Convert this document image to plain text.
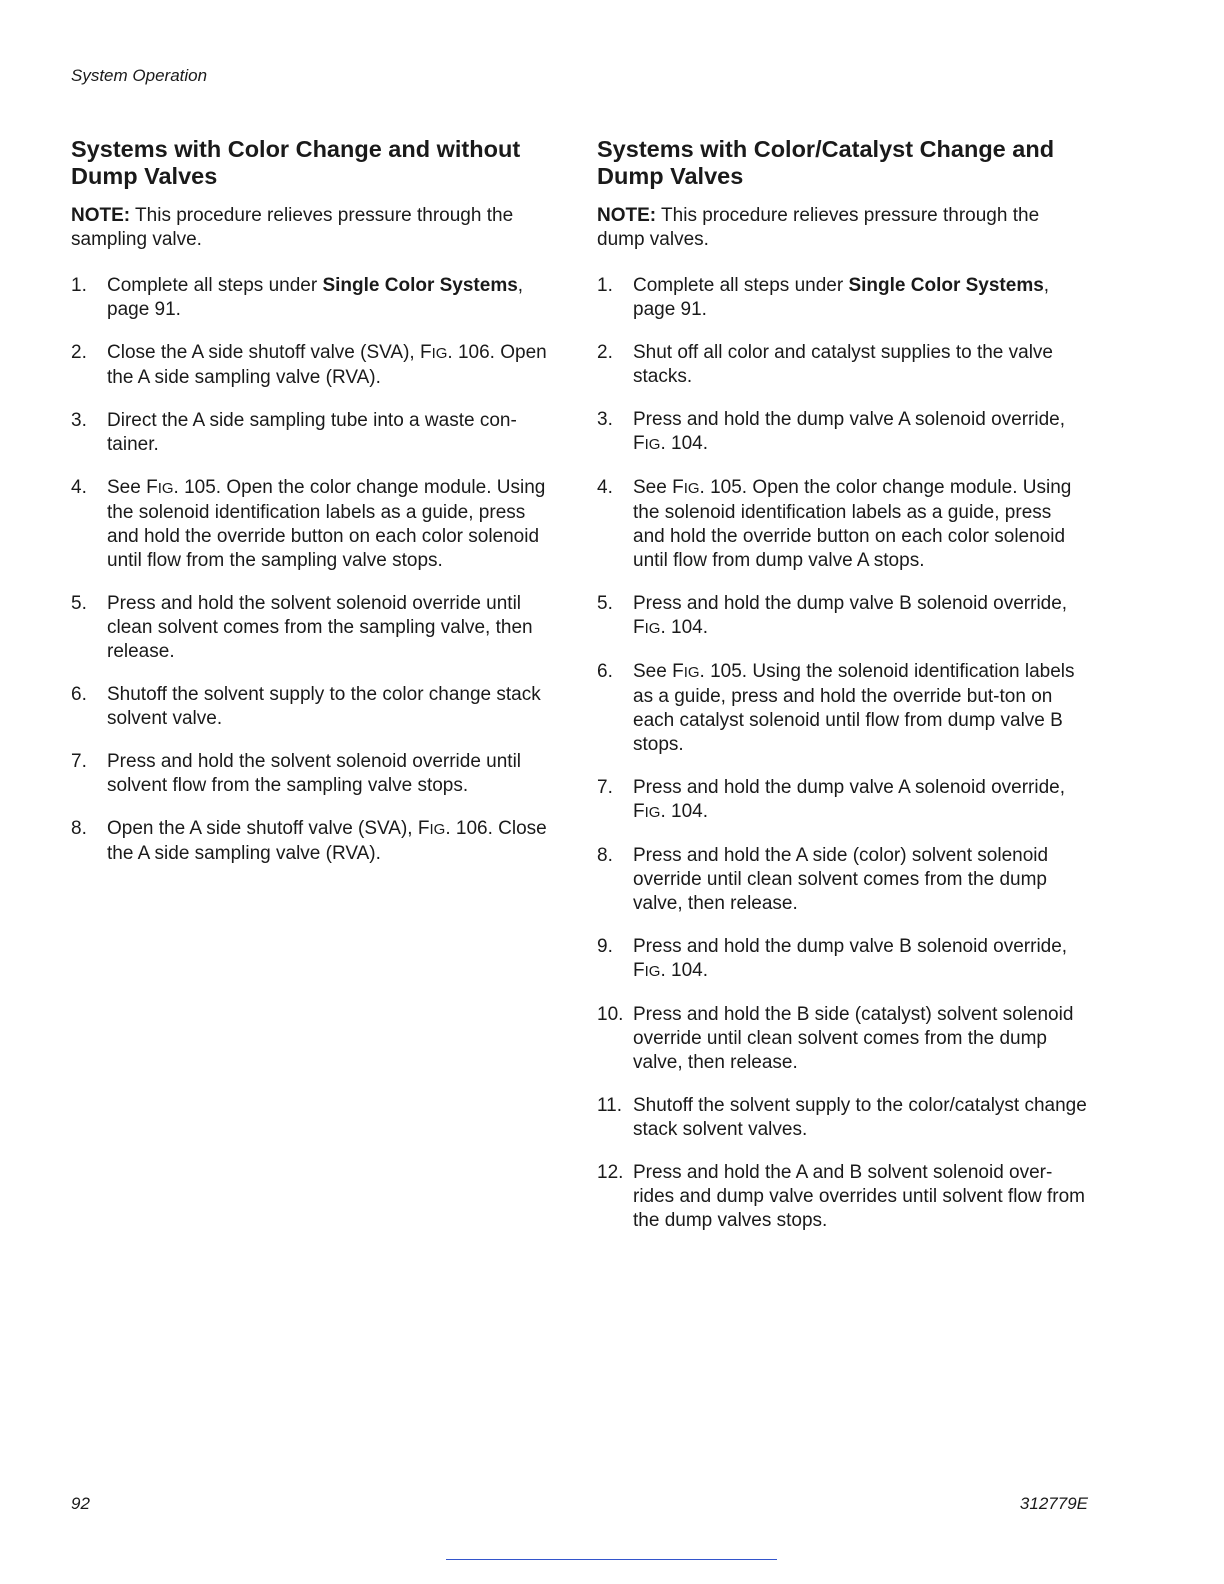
System Operation
Systems with Color Change and without Dump Valves

NOTE: This procedure relieves pressure through the sampling valve.

1.	Complete all steps under Single Color Systems, page 91.
2.	Close the A side shutoff valve (SVA), FIG. 106. Open the A side sampling valve (RVA).
3.	Direct the A side sampling tube into a waste con-tainer.
4.	See FIG. 105. Open the color change module. Using the solenoid identification labels as a guide, press and hold the override button on each color solenoid until flow from the sampling valve stops.
5.	Press and hold the solvent solenoid override until clean solvent comes from the sampling valve, then release.
6.	Shutoff the solvent supply to the color change stack solvent valve.
7.	Press and hold the solvent solenoid override until solvent flow from the sampling valve stops.
8.	Open the A side shutoff valve (SVA), FIG. 106. Close the A side sampling valve (RVA).
Systems with Color/Catalyst Change and Dump Valves

NOTE: This procedure relieves pressure through the dump valves.

1.	Complete all steps under Single Color Systems, page 91.
2.	Shut off all color and catalyst supplies to the valve stacks.
3.	Press and hold the dump valve A solenoid override, FIG. 104.
4.	See FIG. 105. Open the color change module. Using the solenoid identification labels as a guide, press and hold the override button on each color solenoid until flow from dump valve A stops.
5.	Press and hold the dump valve B solenoid override, FIG. 104.
6.	See FIG. 105. Using the solenoid identification labels as a guide, press and hold the override but-ton on each catalyst solenoid until flow from dump valve B stops.
7.	Press and hold the dump valve A solenoid override, FIG. 104.
8.	Press and hold the A side (color) solvent solenoid override until clean solvent comes from the dump valve, then release.
9.	Press and hold the dump valve B solenoid override, FIG. 104.
10. Press and hold the B side (catalyst) solvent solenoid override until clean solvent comes from the dump valve, then release.
11. Shutoff the solvent supply to the color/catalyst change stack solvent valves.
12. Press and hold the A and B solvent solenoid over-rides and dump valve overrides until solvent flow from the dump valves stops.
92	312779E
